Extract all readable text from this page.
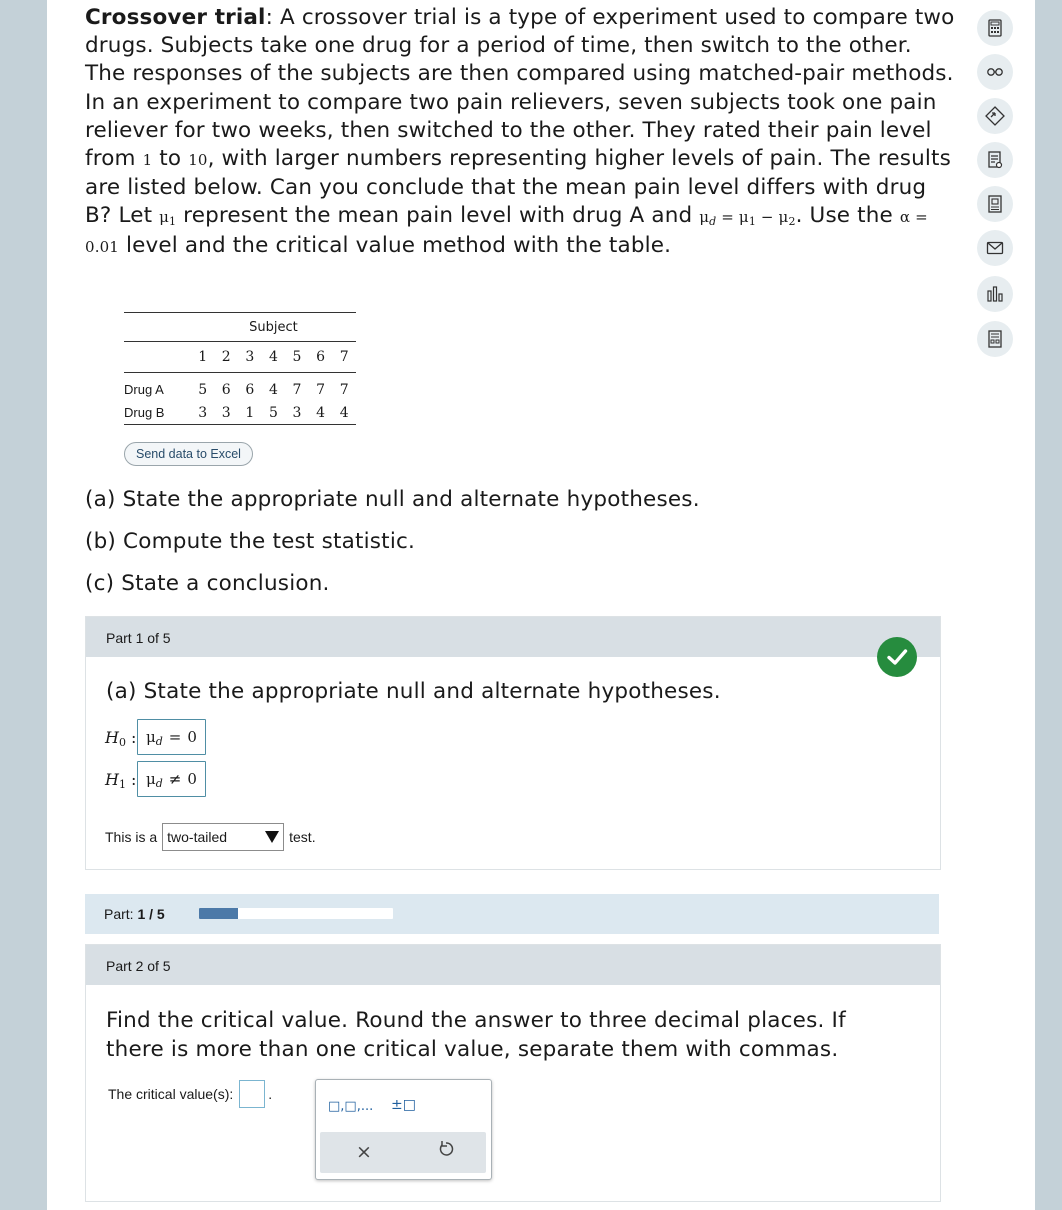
Crossover trial: A crossover trial is a type of experiment used to compare two drugs. Subjects take one drug for a period of time, then switch to the other. The responses of the subjects are then compared using matched-pair methods. In an experiment to compare two pain relievers, seven subjects took one pain reliever for two weeks, then switched to the other. They rated their pain level from 1 to 10, with larger numbers representing higher levels of pain. The results are listed below. Can you conclude that the mean pain level differs with drug B? Let $\mu_1$ represent the mean pain level with drug A and $\mu_d = \mu_1 - \mu_2$. Use the α = 0.01 level and the critical value method with the table.

	Subject						
	1	2	3	4	5	6	7
Drug A	5	6	6	4	7	7	7
Drug B	3	3	1	5	3	4	4
Send data to Excel

(a) State the appropriate null and alternate hypotheses.

(b) Compute the test statistic.

(c) State a conclusion.

Part 1 of 5

(a) State the appropriate null and alternate hypotheses.

$H_0$ : $\mu_d = 0$
$H_1$ : $\mu_d \ne 0$
This is a two-tailed	test.
Part: 1 / 5
Part 2 of 5

Find the critical value. Round the answer to three decimal places. If there is more than one critical value, separate them with commas.

The critical value(s):	.
□,□,... ±□
×
